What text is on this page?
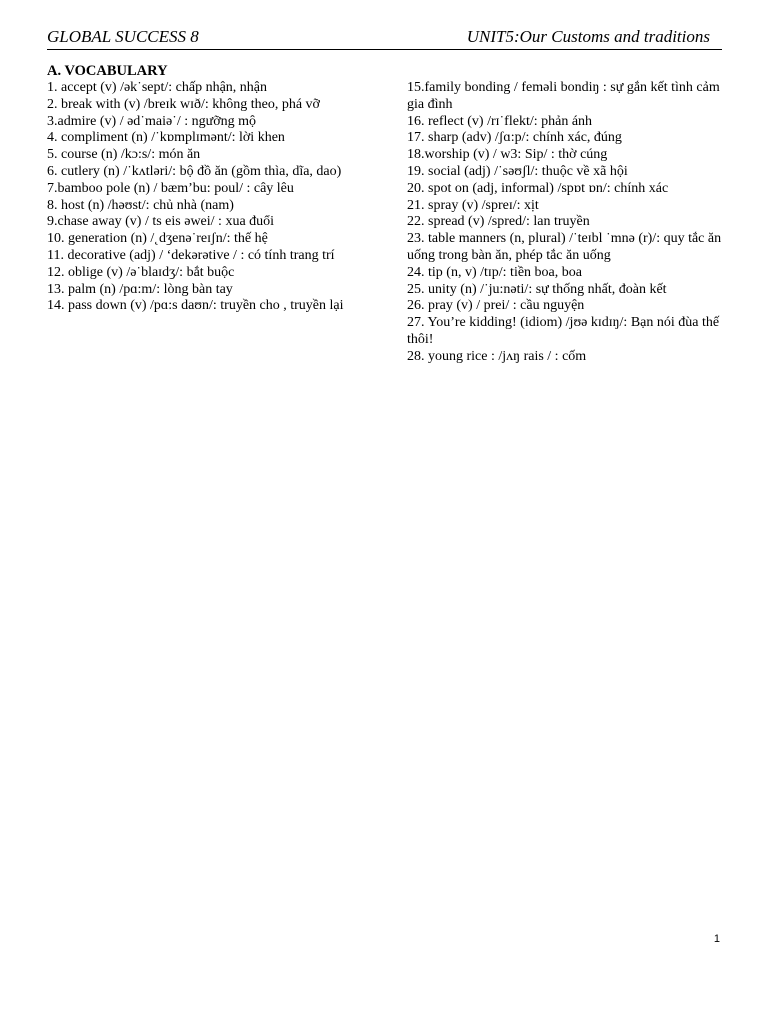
GLOBAL SUCCESS 8	UNIT5:Our Customs and traditions
A. VOCABULARY

1. accept (v) /ək˙sept/: chấp nhận, nhận

2. break with (v) /breɪk wɪð/: không theo, phá vỡ

3.admire (v) / əd˙maiə˙/ : ngưỡng mộ

4. compliment (n) /˙kɒmplɪmənt/: lời khen

5. course (n) /kɔ:s/: món ăn

6. cutlery (n) /˙kʌtləri/: bộ đồ ăn (gồm thìa, dĩa, dao)

7.bamboo pole (n) / bæm’bu: poul/ : cây lêu

8. host (n) /həʊst/: chủ nhà (nam)

9.chase away (v) / ts eis əwei/ : xua đuổi

10. generation (n) /˛dʒenə˙reɪʃn/: thế hệ

11. decorative (adj) / ‘dekərətive / : có tính trang trí

12. oblige (v) /ə˙blaɪdʒ/: bắt buộc

13. palm (n) /pɑ:m/: lòng bàn tay

14. pass down (v) /pɑ:s daʊn/: truyền cho , truyền lại

15.family bonding / feməli bondiŋ : sự gắn kết tình cảm gia đình

16. reflect (v) /rɪ˙flekt/: phản ánh

17. sharp (adv) /ʃɑ:p/: chính xác, đúng

18.worship (v) / w3: Sip/ : thờ cúng

19. social (adj) /˙səʊʃl/: thuộc về xã hội

20. spot on (adj, informal) /spɒt ɒn/: chính xác

21. spray (v) /spreɪ/: xịt

22. spread (v) /spred/: lan truyền

23. table manners (n, plural) /˙teɪbl ˙mnə (r)/: quy tắc ăn uống trong bàn ăn, phép tắc ăn uống

24. tip (n, v) /tɪp/: tiền boa, boa

25. unity (n) /˙ju:nəti/: sự thống nhất, đoàn kết

26. pray (v) / prei/ : cầu nguyện

27. You’re kidding! (idiom) /jʊə kɪdɪŋ/: Bạn nói đùa thế thôi!

28. young rice : /jʌŋ rais / : cốm

1
